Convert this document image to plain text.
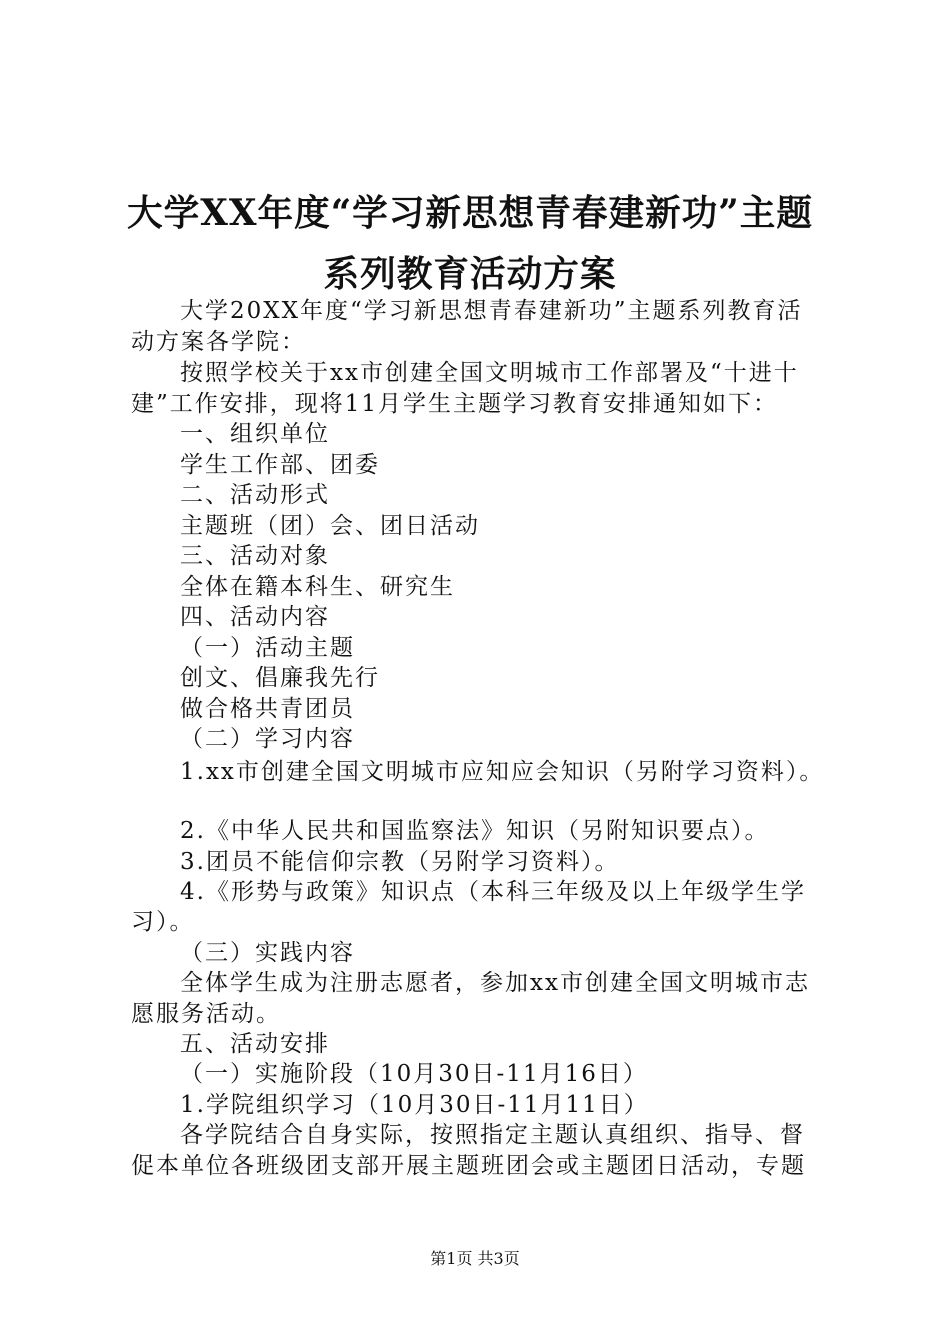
大学XX年度“学习新思想青春建新功”主题
系列教育活动方案

大学20XX年度“学习新思想青春建新功”主题系列教育活

动方案各学院：

按照学校关于xx市创建全国文明城市工作部署及“十进十

建”工作安排，现将11月学生主题学习教育安排通知如下：

一、组织单位

学生工作部、团委

二、活动形式

主题班（团）会、团日活动

三、活动对象

全体在籍本科生、研究生

四、活动内容

（一）活动主题

创文、倡廉我先行

做合格共青团员

（二）学习内容

1.xx市创建全国文明城市应知应会知识（另附学习资料）。

2.《中华人民共和国监察法》知识（另附知识要点）。

3.团员不能信仰宗教（另附学习资料）。

4.《形势与政策》知识点（本科三年级及以上年级学生学

习）。

（三）实践内容

全体学生成为注册志愿者，参加xx市创建全国文明城市志

愿服务活动。

五、活动安排

（一）实施阶段（10月30日-11月16日）

1.学院组织学习（10月30日-11月11日）

各学院结合自身实际，按照指定主题认真组织、指导、督

促本单位各班级团支部开展主题班团会或主题团日活动，专题

第1页 共3页
